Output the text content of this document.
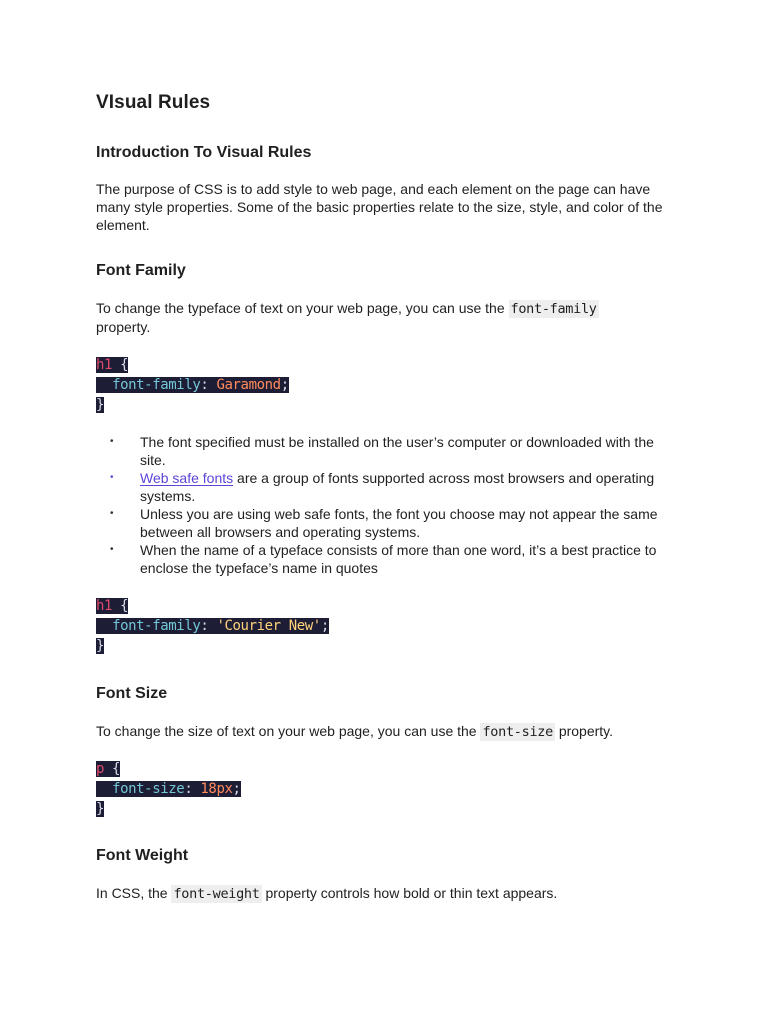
VIsual Rules
Introduction To Visual Rules

The purpose of CSS is to add style to web page, and each element on the page can have many style properties. Some of the basic properties relate to the size, style, and color of the element.

Font Family

To change the typeface of text on your web page, you can use the font-family property.

h1 {
font-family: Garamond;
}
• The font specified must be installed on the user’s computer or downloaded with the site.
• Web safe fonts are a group of fonts supported across most browsers and operating systems.
• Unless you are using web safe fonts, the font you choose may not appear the same between all browsers and operating systems.
• When the name of a typeface consists of more than one word, it’s a best practice to enclose the typeface’s name in quotes
h1 {
font-family: 'Courier New';
}
Font Size

To change the size of text on your web page, you can use the font-size property.

p {
font-size: 18px;
}
Font Weight

In CSS, the font-weight property controls how bold or thin text appears.
